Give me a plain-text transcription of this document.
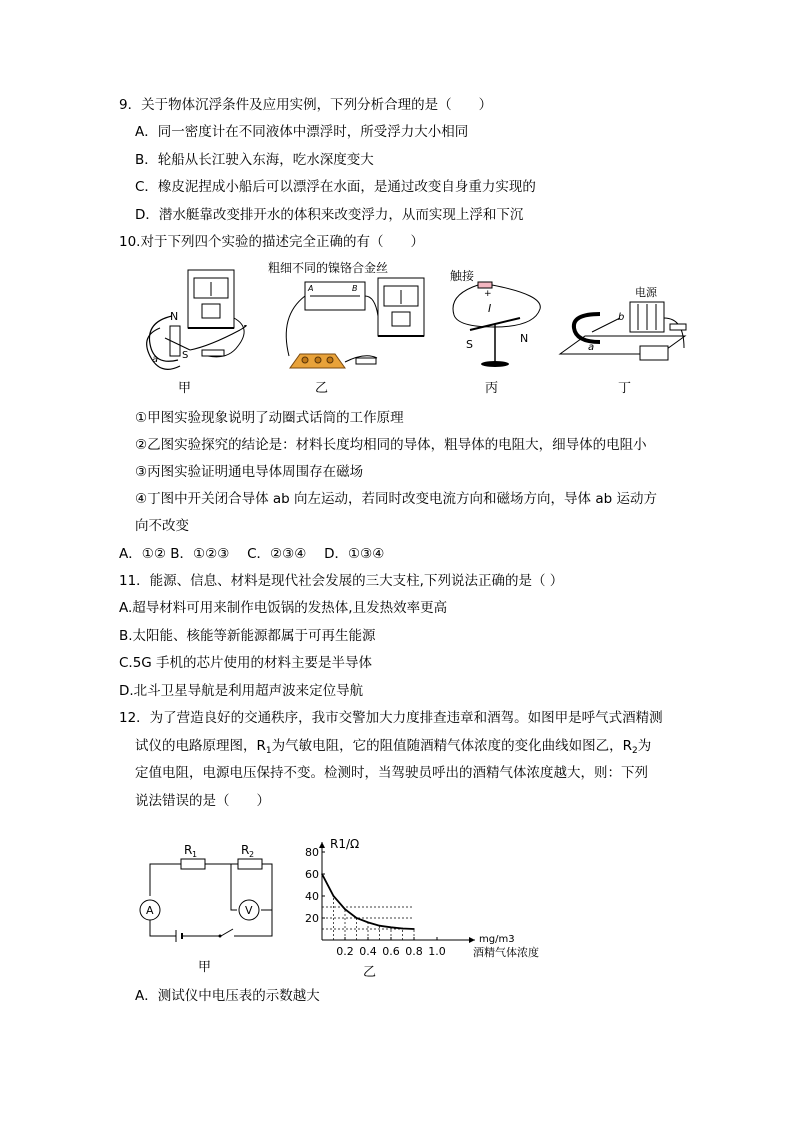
9．关于物体沉浮条件及应用实例，下列分析合理的是（　　）
A．同一密度计在不同液体中漂浮时，所受浮力大小相同
B．轮船从长江驶入东海，吃水深度变大
C．橡皮泥捏成小船后可以漂浮在水面，是通过改变自身重力实现的
D．潜水艇靠改变排开水的体积来改变浮力，从而实现上浮和下沉
10.对于下列四个实验的描述完全正确的有（　　）
N
S
a
甲
粗细不同的镍铬合金丝
A	B
乙
触接
+
I
S	N
丙
电源
b
a
丁
①甲图实验现象说明了动圈式话筒的工作原理
②乙图实验探究的结论是：材料长度均相同的导体，粗导体的电阻大，细导体的电阻小
③丙图实验证明通电导体周围存在磁场
④丁图中开关闭合导体 ab 向左运动，若同时改变电流方向和磁场方向，导体 ab 运动方
向不改变
A．①② B．①②③　 C．②③④　 D．①③④
11．能源、信息、材料是现代社会发展的三大支柱,下列说法正确的是（ ）
A.超导材料可用来制作电饭锅的发热体,且发热效率更高
B.太阳能、核能等新能源都属于可再生能源
C.5G 手机的芯片使用的材料主要是半导体
D.北斗卫星导航是利用超声波来定位导航
12．为了营造良好的交通秩序，我市交警加大力度排查违章和酒驾。如图甲是呼气式酒精测
试仪的电路原理图，$R_1$为气敏电阻，它的阻值随酒精气体浓度的变化曲线如图乙，$R_2$为
定值电阻，电源电压保持不变。检测时，当驾驶员呼出的酒精气体浓度越大，则：下列
说法错误的是（　　）
R 1	R 2
A	V
甲
20
40
60
80
0.2 0.4 0.6 0.8 1.0
R1/Ω
mg/m3
酒精气体浓度
乙
A．测试仪中电压表的示数越大
